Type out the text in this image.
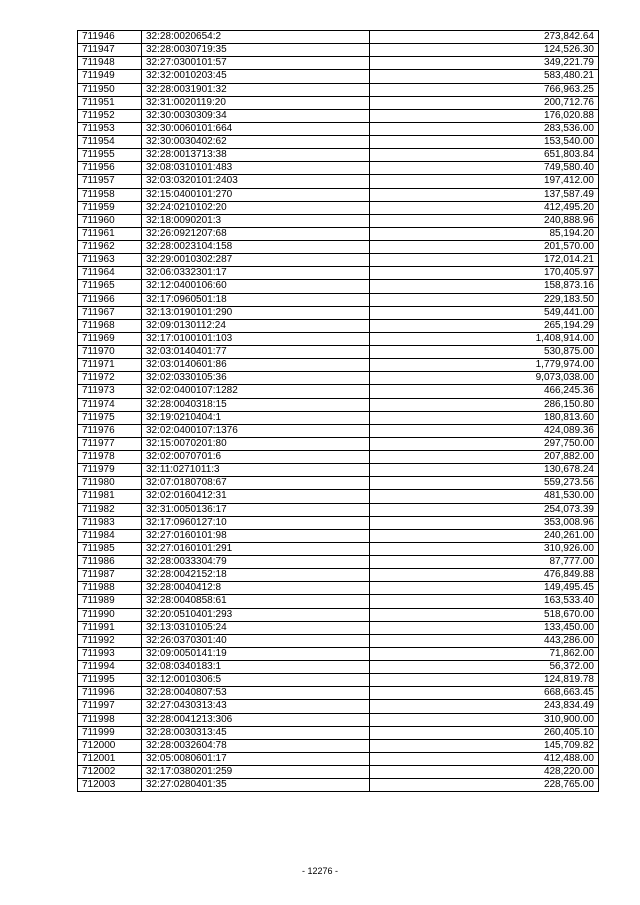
711946	32:28:0020654:2	273,842.64
711947	32:28:0030719:35	124,526.30
711948	32:27:0300101:57	349,221.79
711949	32:32:0010203:45	583,480.21
711950	32:28:0031901:32	766,963.25
711951	32:31:0020119:20	200,712.76
711952	32:30:0030309:34	176,020.88
711953	32:30:0060101:664	283,536.00
711954	32:30:0030402:62	153,540.00
711955	32:28:0013713:38	651,803.84
711956	32:08:0310101:483	749,580.40
711957	32:03:0320101:2403	197,412.00
711958	32:15:0400101:270	137,587.49
711959	32:24:0210102:20	412,495.20
711960	32:18:0090201:3	240,888.96
711961	32:26:0921207:68	85,194.20
711962	32:28:0023104:158	201,570.00
711963	32:29:0010302:287	172,014.21
711964	32:06:0332301:17	170,405.97
711965	32:12:0400106:60	158,873.16
711966	32:17:0960501:18	229,183.50
711967	32:13:0190101:290	549,441.00
711968	32:09:0130112:24	265,194.29
711969	32:17:0100101:103	1,408,914.00
711970	32:03:0140401:77	530,875.00
711971	32:03:0140601:86	1,779,974.00
711972	32:02:0330105:36	9,073,038.00
711973	32:02:0400107:1282	466,245.36
711974	32:28:0040318:15	286,150.80
711975	32:19:0210404:1	180,813.60
711976	32:02:0400107:1376	424,089.36
711977	32:15:0070201:80	297,750.00
711978	32:02:0070701:6	207,882.00
711979	32:11:0271011:3	130,678.24
711980	32:07:0180708:67	559,273.56
711981	32:02:0160412:31	481,530.00
711982	32:31:0050136:17	254,073.39
711983	32:17:0960127:10	353,008.96
711984	32:27:0160101:98	240,261.00
711985	32:27:0160101:291	310,926.00
711986	32:28:0033304:79	87,777.00
711987	32:28:0042152:18	476,849.88
711988	32:28:0040412:8	149,495.45
711989	32:28:0040858:61	163,533.40
711990	32:20:0510401:293	518,670.00
711991	32:13:0310105:24	133,450.00
711992	32:26:0370301:40	443,286.00
711993	32:09:0050141:19	71,862.00
711994	32:08:0340183:1	56,372.00
711995	32:12:0010306:5	124,819.78
711996	32:28:0040807:53	668,663.45
711997	32:27:0430313:43	243,834.49
711998	32:28:0041213:306	310,900.00
711999	32:28:0030313:45	260,405.10
712000	32:28:0032604:78	145,709.82
712001	32:05:0080601:17	412,488.00
712002	32:17:0380201:259	428,220.00
712003	32:27:0280401:35	228,765.00
- 12276 -
